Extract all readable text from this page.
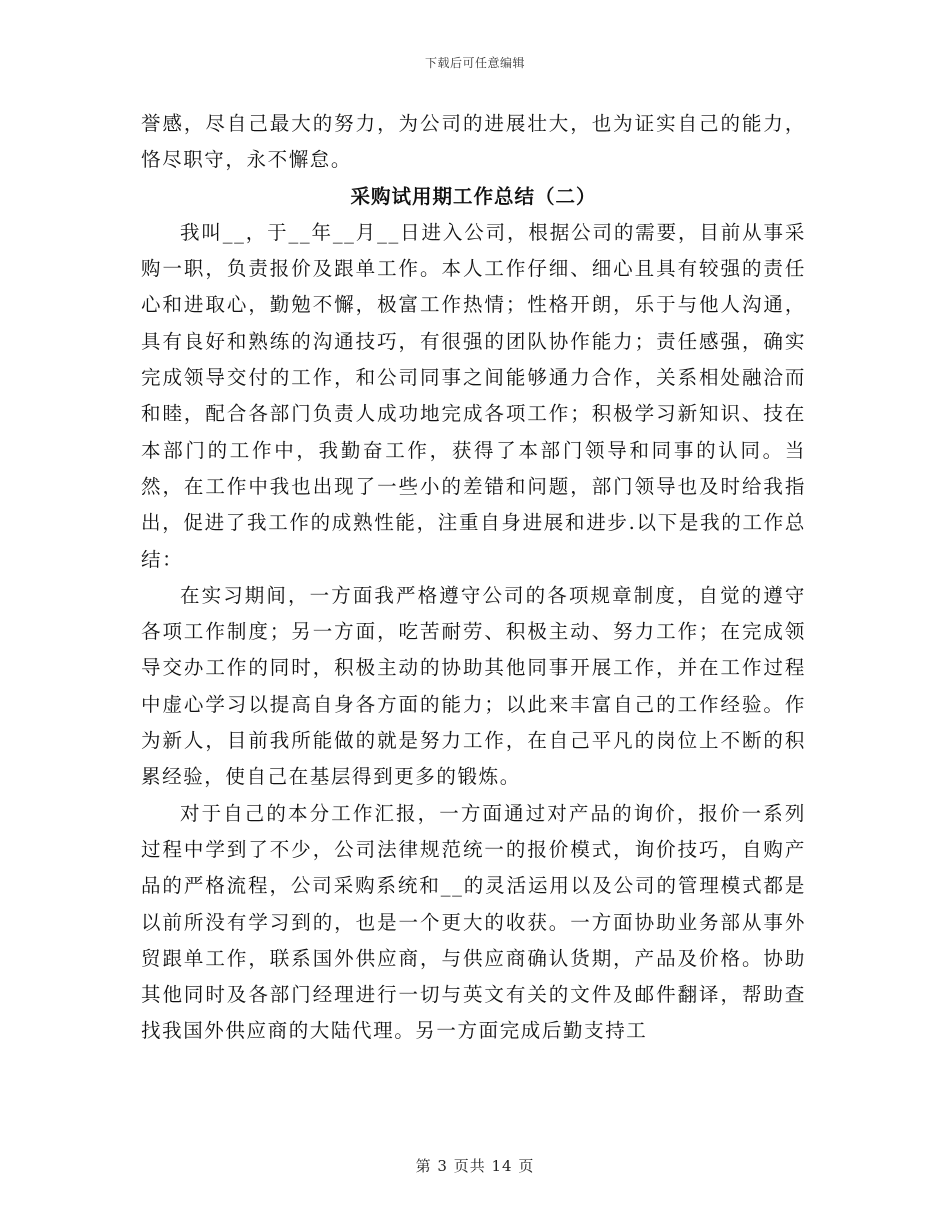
下载后可任意编辑

誉感，尽自己最大的努力，为公司的进展壮大，也为证实自己的能力，恪尽职守，永不懈怠。

采购试用期工作总结（二）

我叫__，于__年__月__日进入公司，根据公司的需要，目前从事采购一职，负责报价及跟单工作。本人工作仔细、细心且具有较强的责任心和进取心，勤勉不懈，极富工作热情；性格开朗，乐于与他人沟通，具有良好和熟练的沟通技巧，有很强的团队协作能力；责任感强，确实完成领导交付的工作，和公司同事之间能够通力合作，关系相处融洽而和睦，配合各部门负责人成功地完成各项工作；积极学习新知识、技在本部门的工作中，我勤奋工作，获得了本部门领导和同事的认同。当然，在工作中我也出现了一些小的差错和问题，部门领导也及时给我指出，促进了我工作的成熟性能，注重自身进展和进步.以下是我的工作总结：

在实习期间，一方面我严格遵守公司的各项规章制度，自觉的遵守各项工作制度；另一方面，吃苦耐劳、积极主动、努力工作；在完成领导交办工作的同时，积极主动的协助其他同事开展工作，并在工作过程中虚心学习以提高自身各方面的能力；以此来丰富自己的工作经验。作为新人，目前我所能做的就是努力工作，在自己平凡的岗位上不断的积累经验，使自己在基层得到更多的锻炼。

对于自己的本分工作汇报，一方面通过对产品的询价，报价一系列过程中学到了不少，公司法律规范统一的报价模式，询价技巧，自购产品的严格流程，公司采购系统和__的灵活运用以及公司的管理模式都是以前所没有学习到的，也是一个更大的收获。一方面协助业务部从事外贸跟单工作，联系国外供应商，与供应商确认货期，产品及价格。协助其他同时及各部门经理进行一切与英文有关的文件及邮件翻译，帮助查找我国外供应商的大陆代理。另一方面完成后勤支持工

第 3 页共 14 页
